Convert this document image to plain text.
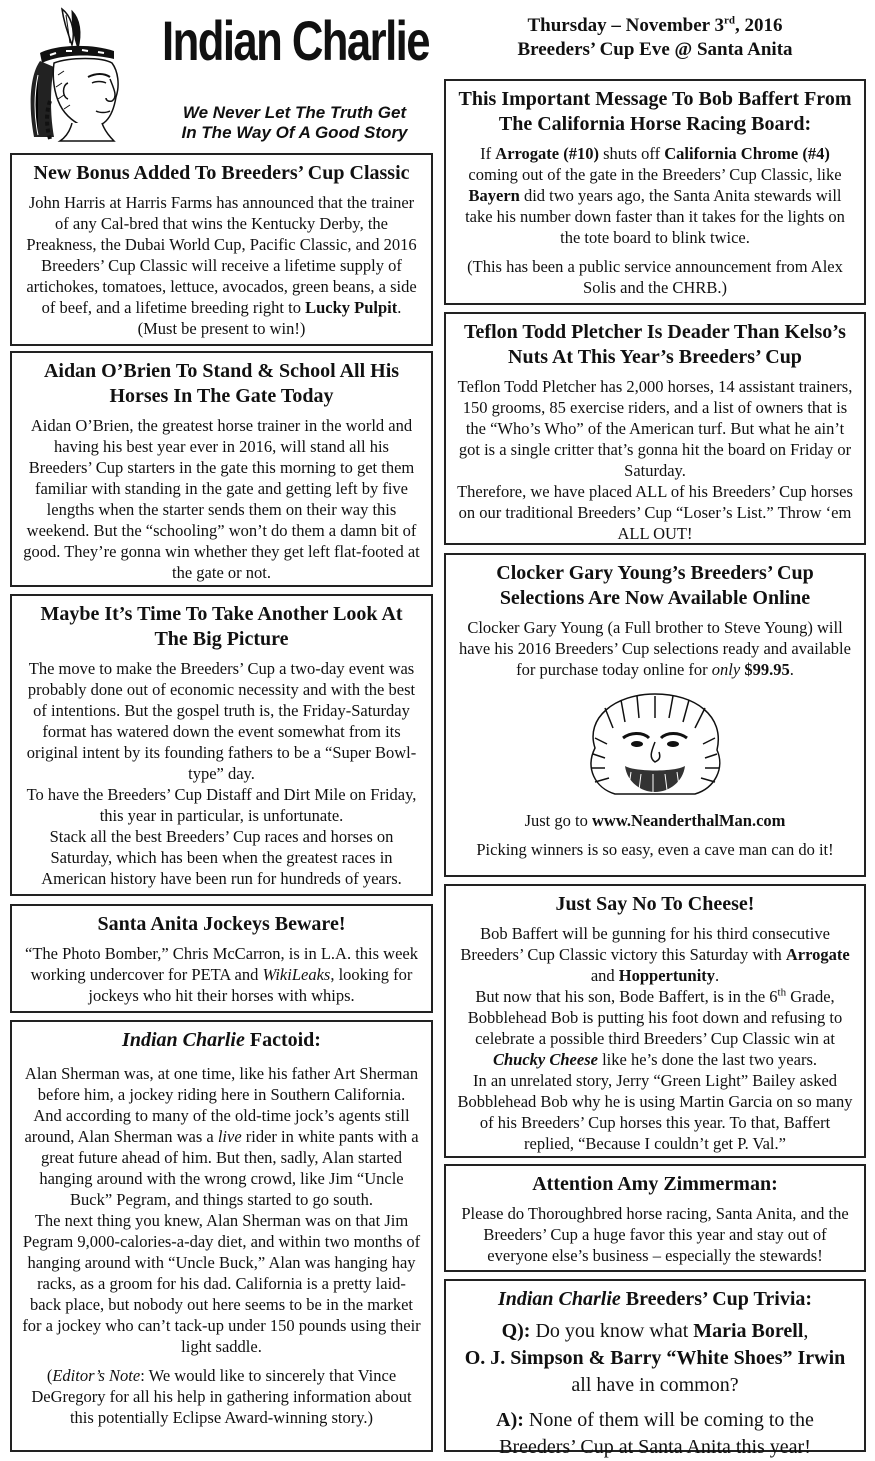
Indian Charlie
We Never Let The Truth Get
In The Way Of A Good Story
Thursday – November 3rd, 2016
Breeders’ Cup Eve @ Santa Anita
New Bonus Added To Breeders’ Cup Classic

John Harris at Harris Farms has announced that the trainer of any Cal-bred that wins the Kentucky Derby, the Preakness, the Dubai World Cup, Pacific Classic, and 2016 Breeders’ Cup Classic will receive a lifetime supply of artichokes, tomatoes, lettuce, avocados, green beans, a side of beef, and a lifetime breeding right to Lucky Pulpit. (Must be present to win!)

Aidan O’Brien To Stand & School All His Horses In The Gate Today

Aidan O’Brien, the greatest horse trainer in the world and having his best year ever in 2016, will stand all his Breeders’ Cup starters in the gate this morning to get them familiar with standing in the gate and getting left by five lengths when the starter sends them on their way this weekend. But the “schooling” won’t do them a damn bit of good. They’re gonna win whether they get left flat-footed at the gate or not.

Maybe It’s Time To Take Another Look At The Big Picture

The move to make the Breeders’ Cup a two-day event was probably done out of economic necessity and with the best of intentions. But the gospel truth is, the Friday-Saturday format has watered down the event somewhat from its original intent by its founding fathers to be a “Super Bowl-type” day.

To have the Breeders’ Cup Distaff and Dirt Mile on Friday, this year in particular, is unfortunate.

Stack all the best Breeders’ Cup races and horses on Saturday, which has been when the greatest races in American history have been run for hundreds of years.

Santa Anita Jockeys Beware!

“The Photo Bomber,” Chris McCarron, is in L.A. this week working undercover for PETA and WikiLeaks, looking for jockeys who hit their horses with whips.

Indian Charlie Factoid:

Alan Sherman was, at one time, like his father Art Sherman before him, a jockey riding here in Southern California. And according to many of the old-time jock’s agents still around, Alan Sherman was a live rider in white pants with a great future ahead of him. But then, sadly, Alan started hanging around with the wrong crowd, like Jim “Uncle Buck” Pegram, and things started to go south.

The next thing you knew, Alan Sherman was on that Jim Pegram 9,000-calories-a-day diet, and within two months of hanging around with “Uncle Buck,” Alan was hanging hay racks, as a groom for his dad. California is a pretty laid-back place, but nobody out here seems to be in the market for a jockey who can’t tack-up under 150 pounds using their light saddle.

(Editor’s Note: We would like to sincerely that Vince DeGregory for all his help in gathering information about this potentially Eclipse Award-winning story.)

This Important Message To Bob Baffert From The California Horse Racing Board:

If Arrogate (#10) shuts off California Chrome (#4) coming out of the gate in the Breeders’ Cup Classic, like Bayern did two years ago, the Santa Anita stewards will take his number down faster than it takes for the lights on the tote board to blink twice.

(This has been a public service announcement from Alex Solis and the CHRB.)

Teflon Todd Pletcher Is Deader Than Kelso’s Nuts At This Year’s Breeders’ Cup

Teflon Todd Pletcher has 2,000 horses, 14 assistant trainers, 150 grooms, 85 exercise riders, and a list of owners that is the “Who’s Who” of the American turf. But what he ain’t got is a single critter that’s gonna hit the board on Friday or Saturday.

Therefore, we have placed ALL of his Breeders’ Cup horses on our traditional Breeders’ Cup “Loser’s List.” Throw ‘em ALL OUT!

Clocker Gary Young’s Breeders’ Cup Selections Are Now Available Online

Clocker Gary Young (a Full brother to Steve Young) will have his 2016 Breeders’ Cup selections ready and available for purchase today online for only $99.95.

Just go to www.NeanderthalMan.com

Picking winners is so easy, even a cave man can do it!

Just Say No To Cheese!

Bob Baffert will be gunning for his third consecutive Breeders’ Cup Classic victory this Saturday with Arrogate and Hoppertunity.

But now that his son, Bode Baffert, is in the 6th Grade, Bobblehead Bob is putting his foot down and refusing to celebrate a possible third Breeders’ Cup Classic win at Chucky Cheese like he’s done the last two years.

In an unrelated story, Jerry “Green Light” Bailey asked Bobblehead Bob why he is using Martin Garcia on so many of his Breeders’ Cup horses this year. To that, Baffert replied, “Because I couldn’t get P. Val.”

Attention Amy Zimmerman:

Please do Thoroughbred horse racing, Santa Anita, and the Breeders’ Cup a huge favor this year and stay out of everyone else’s business – especially the stewards!

Indian Charlie Breeders’ Cup Trivia:

Q): Do you know what Maria Borell,
O. J. Simpson & Barry “White Shoes” Irwin
all have in common?

A): None of them will be coming to the Breeders’ Cup at Santa Anita this year!
